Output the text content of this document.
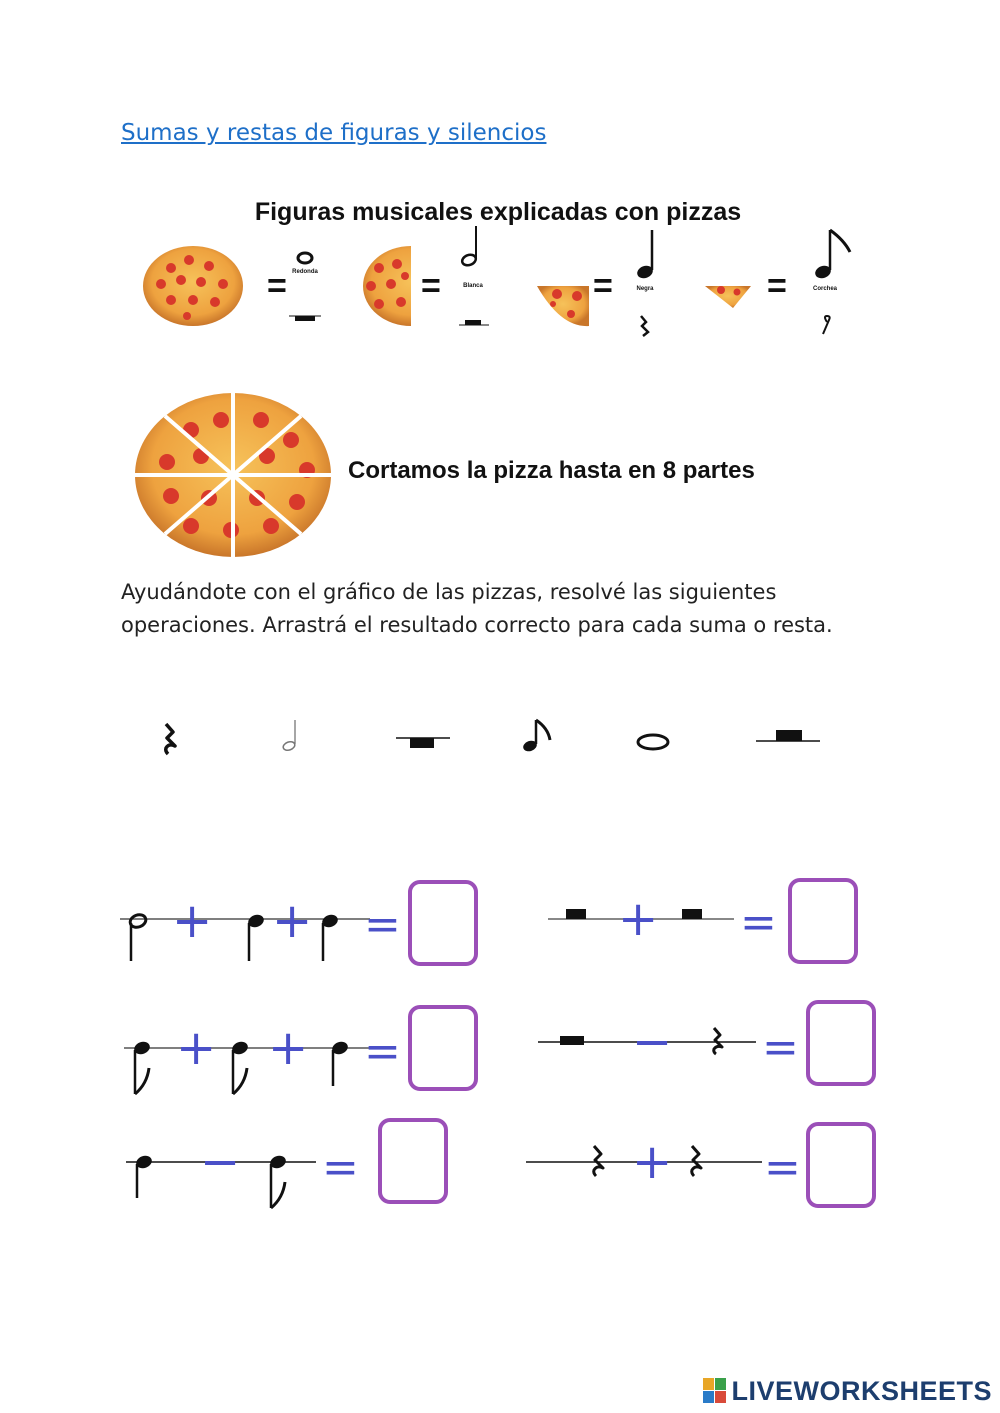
Sumas y restas de figuras y silencios
Figuras musicales explicadas con pizzas
= Redonda	=	Blanca	=	Negra	=	Corchea
Cortamos la pizza hasta en 8 partes
Ayudándote con el gráfico de las pizzas, resolvé las siguientes operaciones. Arrastrá el resultado correcto para cada suma o resta.
+ + =	+ =
+ + =	− =
− =	+ =
LIVEWORKSHEETS
